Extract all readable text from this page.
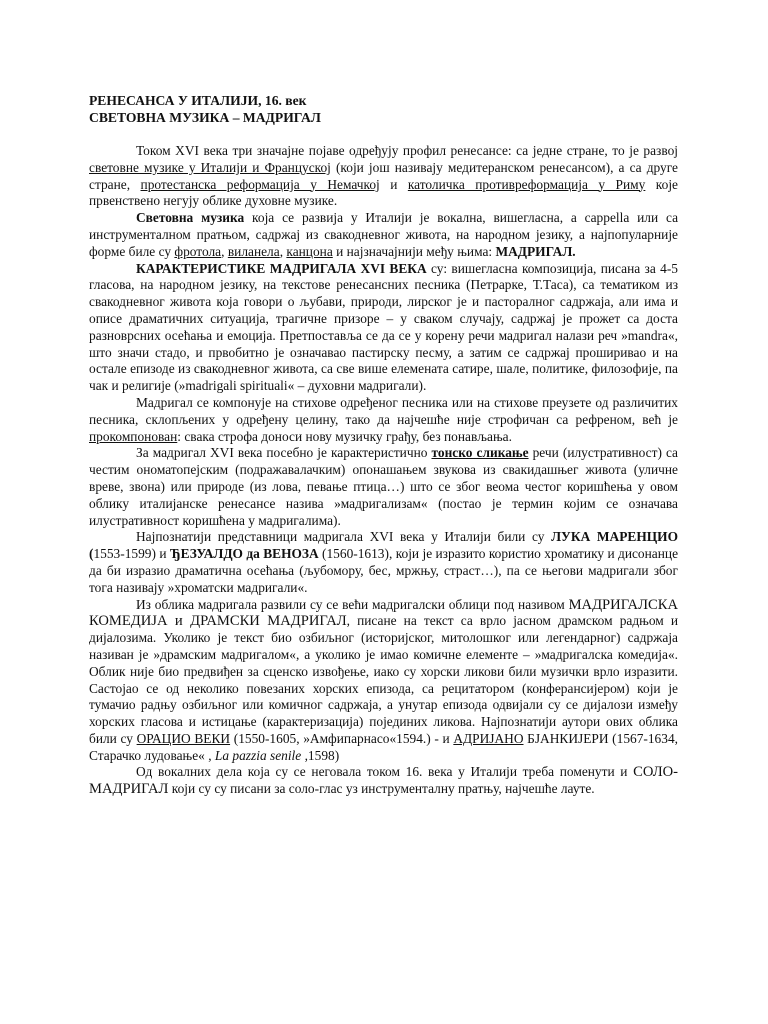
РЕНЕСАНСА У ИТАЛИЈИ, 16. век
СВЕТОВНА МУЗИКА – МАДРИГАЛ

Током XVI века три значајне појаве одређују профил ренесансе: са једне стране, то је развој световне музике у Италији и Француској (који још називају медитеранском ренесансом), а са друге стране, протестанска реформација у Немачкој и католичка противреформација у Риму које првенствено негују облике духовне музике.

Световна музика која се развија у Италији је вокална, вишегласна, a cappella или са инструменталном пратњом, садржај из свакодневног живота, на народном језику, а најпопуларније форме биле су фротола, виланела, канцона и најзначајнији међу њима: МАДРИГАЛ.

КАРАКТЕРИСТИКЕ МАДРИГАЛА XVI ВЕКА су: вишегласна композиција, писана за 4-5 гласова, на народном језику, на текстове ренесансних песника (Петрарке, Т.Таса), са тематиком из свакодневног живота која говори о љубави, природи, лирског је и пасторалног садржаја, али има и описе драматичних ситуација, трагичне призоре – у сваком случају, садржај је прожет са доста разноврсних осећања и емоција. Претпоставља се да се у корену речи мадригал налази реч »mandra«, што значи стадо, и првобитно је означавао пастирску песму, а затим се садржај проширивао и на остале епизоде из свакодневног живота, са све више елемената сатире, шале, политике, филозофије, па чак и религије (»madrigali spirituali« – духовни мадригали).

Мадригал се компонује на стихове одређеног песника или на стихове преузете од различитих песника, склопљених у одређену целину, тако да најчешће није строфичан са рефреном, већ је прокомпонован: свака строфа доноси нову музичку грађу, без понављања.

За мадригал XVI века посебно је карактеристично тонско сликање речи (илустративност) са честим ономатопејским (подражавалачким) опонашањем звукова из свакидашњег живота (уличне вреве, звона) или природе (из лова, певање птица…) што се због веома честог коришћења у овом облику италијанске ренесансе назива »мадригализам« (постао је термин којим се означава илустративност коришћена у мадригалима).

Најпознатији представници мадригала XVI века у Италији били су ЛУКА МАРЕНЦИО (1553-1599) и ЂЕЗУАЛДО да ВЕНОЗА (1560-1613), који је изразито користио хроматику и дисонанце да би изразио драматична осећања (љубомору, бес, мржњу, страст…), па се његови мадригали због тога називају »хроматски мадригали«.

Из облика мадригала развили су се већи мадригалски облици под називом МАДРИГАЛСКА КОМЕДИЈА и ДРАМСКИ МАДРИГАЛ, писане на текст са врло јасном драмском радњом и дијалозима. Уколико је текст био озбиљног (историјског, митолошког или легендарног) садржаја називан је »драмским мадригалом«, а уколико је имао комичне елементе – »мадригалска комедија«. Облик није био предвиђен за сценско извођење, иако су хорски ликови били музички врло изразити. Састојао се од неколико повезаних хорских епизода, са рецитатором (конферансијером) који је тумачио радњу озбиљног или комичног садржаја, а унутар епизода одвијали су се дијалози између хорских гласова и истицање (карактеризација) појединих ликова. Најпознатији аутори ових облика били су ОРАЦИО ВЕКИ (1550-1605, »Амфипарнасо«1594.) - и АДРИЈАНО БЈАНКИЈЕРИ (1567-1634, Старачко лудовање« , La pazzia senile ,1598)

Од вокалних дела која су се неговала током 16. века у Италији треба поменути и СОЛО-МАДРИГАЛ који су су писани за соло-глас уз инструменталну пратњу, најчешће лауте.
